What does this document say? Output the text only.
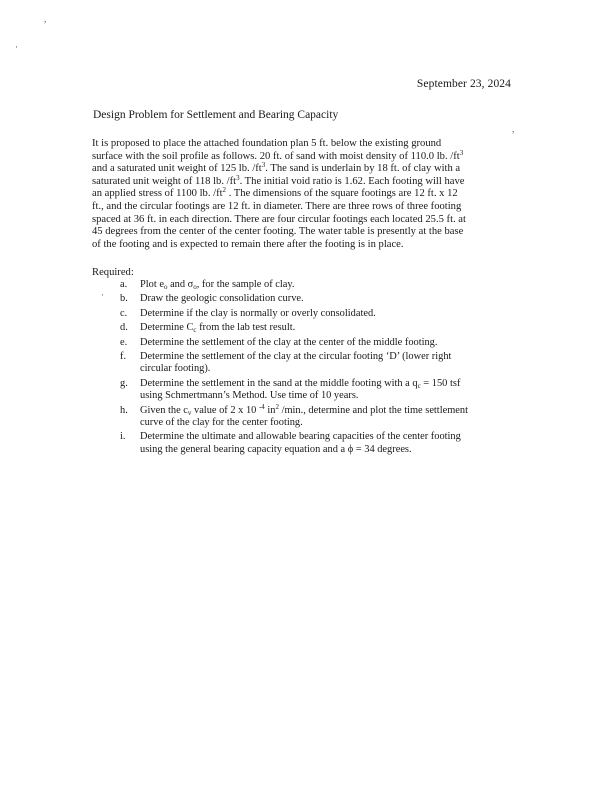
,
·
,
·
September 23, 2024
Design Problem for Settlement and Bearing Capacity
It is proposed to place the attached foundation plan 5 ft. below the existing ground
surface with the soil profile as follows. 20 ft. of sand with moist density of 110.0 lb. $/ft^3$
and a saturated unit weight of 125 lb. $/ft^3$. The sand is underlain by 18 ft. of clay with a
saturated unit weight of 118 lb. $/ft^3$. The initial void ratio is 1.62. Each footing will have
an applied stress of 1100 lb. $/ft^2$ . The dimensions of the square footings are 12 ft. x 12
ft., and the circular footings are 12 ft. in diameter. There are three rows of three footing
spaced at 36 ft. in each direction. There are four circular footings each located 25.5 ft. at
45 degrees from the center of the center footing. The water table is presently at the base
of the footing and is expected to remain there after the footing is in place.
Required:
a.	Plot $e_o$ and $\sigma_o$, for the sample of clay.
b.	Draw the geologic consolidation curve.
c.	Determine if the clay is normally or overly consolidated.
d.	Determine $C_c$ from the lab test result.
e.	Determine the settlement of the clay at the center of the middle footing.
f.	Determine the settlement of the clay at the circular footing ‘D’ (lower right
circular footing).
g.	Determine the settlement in the sand at the middle footing with a $q_c = 150$ tsf
using Schmertmann’s Method. Use time of 10 years.
h.	Given the $c_v$ value of 2 x 10 $^{-4}$ $in^2$ /min., determine and plot the time settlement
curve of the clay for the center footing.
i.	Determine the ultimate and allowable bearing capacities of the center footing
using the general bearing capacity equation and a ϕ = 34 degrees.
